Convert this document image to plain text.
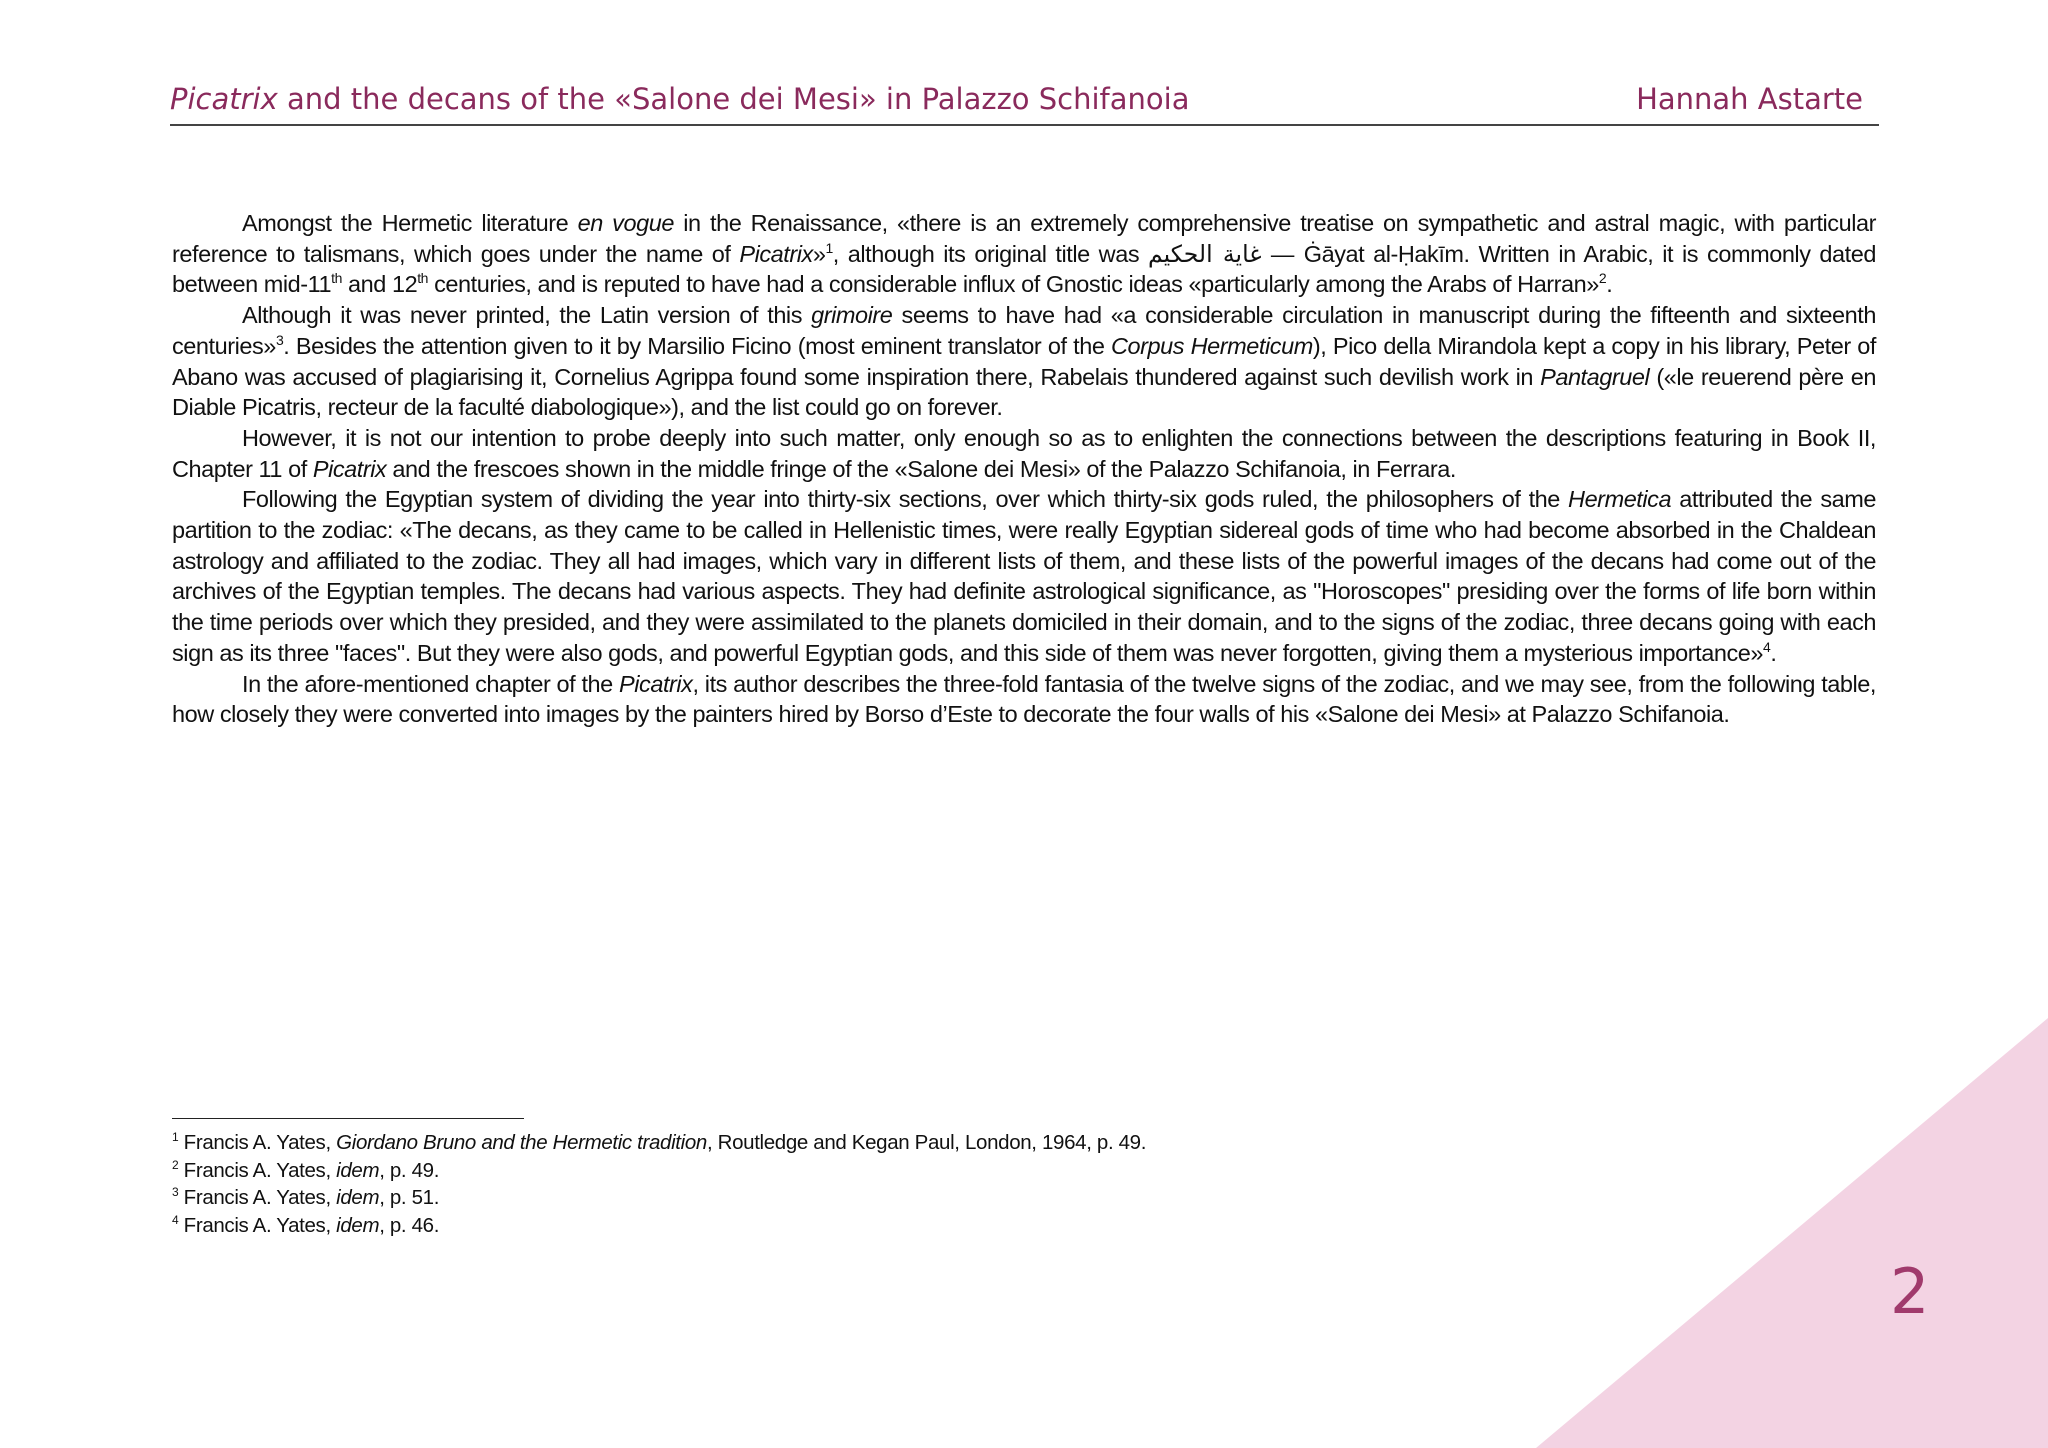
Picatrix and the decans of the «Salone dei Mesi» in Palazzo Schifanoia	Hannah Astarte

Amongst the Hermetic literature en vogue in the Renaissance, «there is an extremely comprehensive treatise on sympathetic and astral magic, with particular reference to talismans, which goes under the name of Picatrix»$^1$, although its original title was غاية الحكيم — Ġāyat al-Ḥakīm. Written in Arabic, it is commonly dated between mid-11th and 12th centuries, and is reputed to have had a considerable influx of Gnostic ideas «particularly among the Arabs of Harran»$^2$.

Although it was never printed, the Latin version of this grimoire seems to have had «a considerable circulation in manuscript during the fifteenth and sixteenth centuries»$^3$. Besides the attention given to it by Marsilio Ficino (most eminent translator of the Corpus Hermeticum), Pico della Mirandola kept a copy in his library, Peter of Abano was accused of plagiarising it, Cornelius Agrippa found some inspiration there, Rabelais thundered against such devilish work in Pantagruel («le reuerend père en Diable Picatris, recteur de la faculté diabologique»), and the list could go on forever.

However, it is not our intention to probe deeply into such matter, only enough so as to enlighten the connections between the descriptions featuring in Book II, Chapter 11 of Picatrix and the frescoes shown in the middle fringe of the «Salone dei Mesi» of the Palazzo Schifanoia, in Ferrara.

Following the Egyptian system of dividing the year into thirty-six sections, over which thirty-six gods ruled, the philosophers of the Hermetica attributed the same partition to the zodiac: «The decans, as they came to be called in Hellenistic times, were really Egyptian sidereal gods of time who had become absorbed in the Chaldean astrology and affiliated to the zodiac. They all had images, which vary in different lists of them, and these lists of the powerful images of the decans had come out of the archives of the Egyptian temples. The decans had various aspects. They had definite astrological significance, as "Horoscopes" presiding over the forms of life born within the time periods over which they presided, and they were assimilated to the planets domiciled in their domain, and to the signs of the zodiac, three decans going with each sign as its three "faces". But they were also gods, and powerful Egyptian gods, and this side of them was never forgotten, giving them a mysterious importance»$^4$.

In the afore-mentioned chapter of the Picatrix, its author describes the three-fold fantasia of the twelve signs of the zodiac, and we may see, from the following table, how closely they were converted into images by the painters hired by Borso d’Este to decorate the four walls of his «Salone dei Mesi» at Palazzo Schifanoia.

$^1$ Francis A. Yates, Giordano Bruno and the Hermetic tradition, Routledge and Kegan Paul, London, 1964, p. 49.
$^2$ Francis A. Yates, idem, p. 49.
$^3$ Francis A. Yates, idem, p. 51.
$^4$ Francis A. Yates, idem, p. 46.
2
